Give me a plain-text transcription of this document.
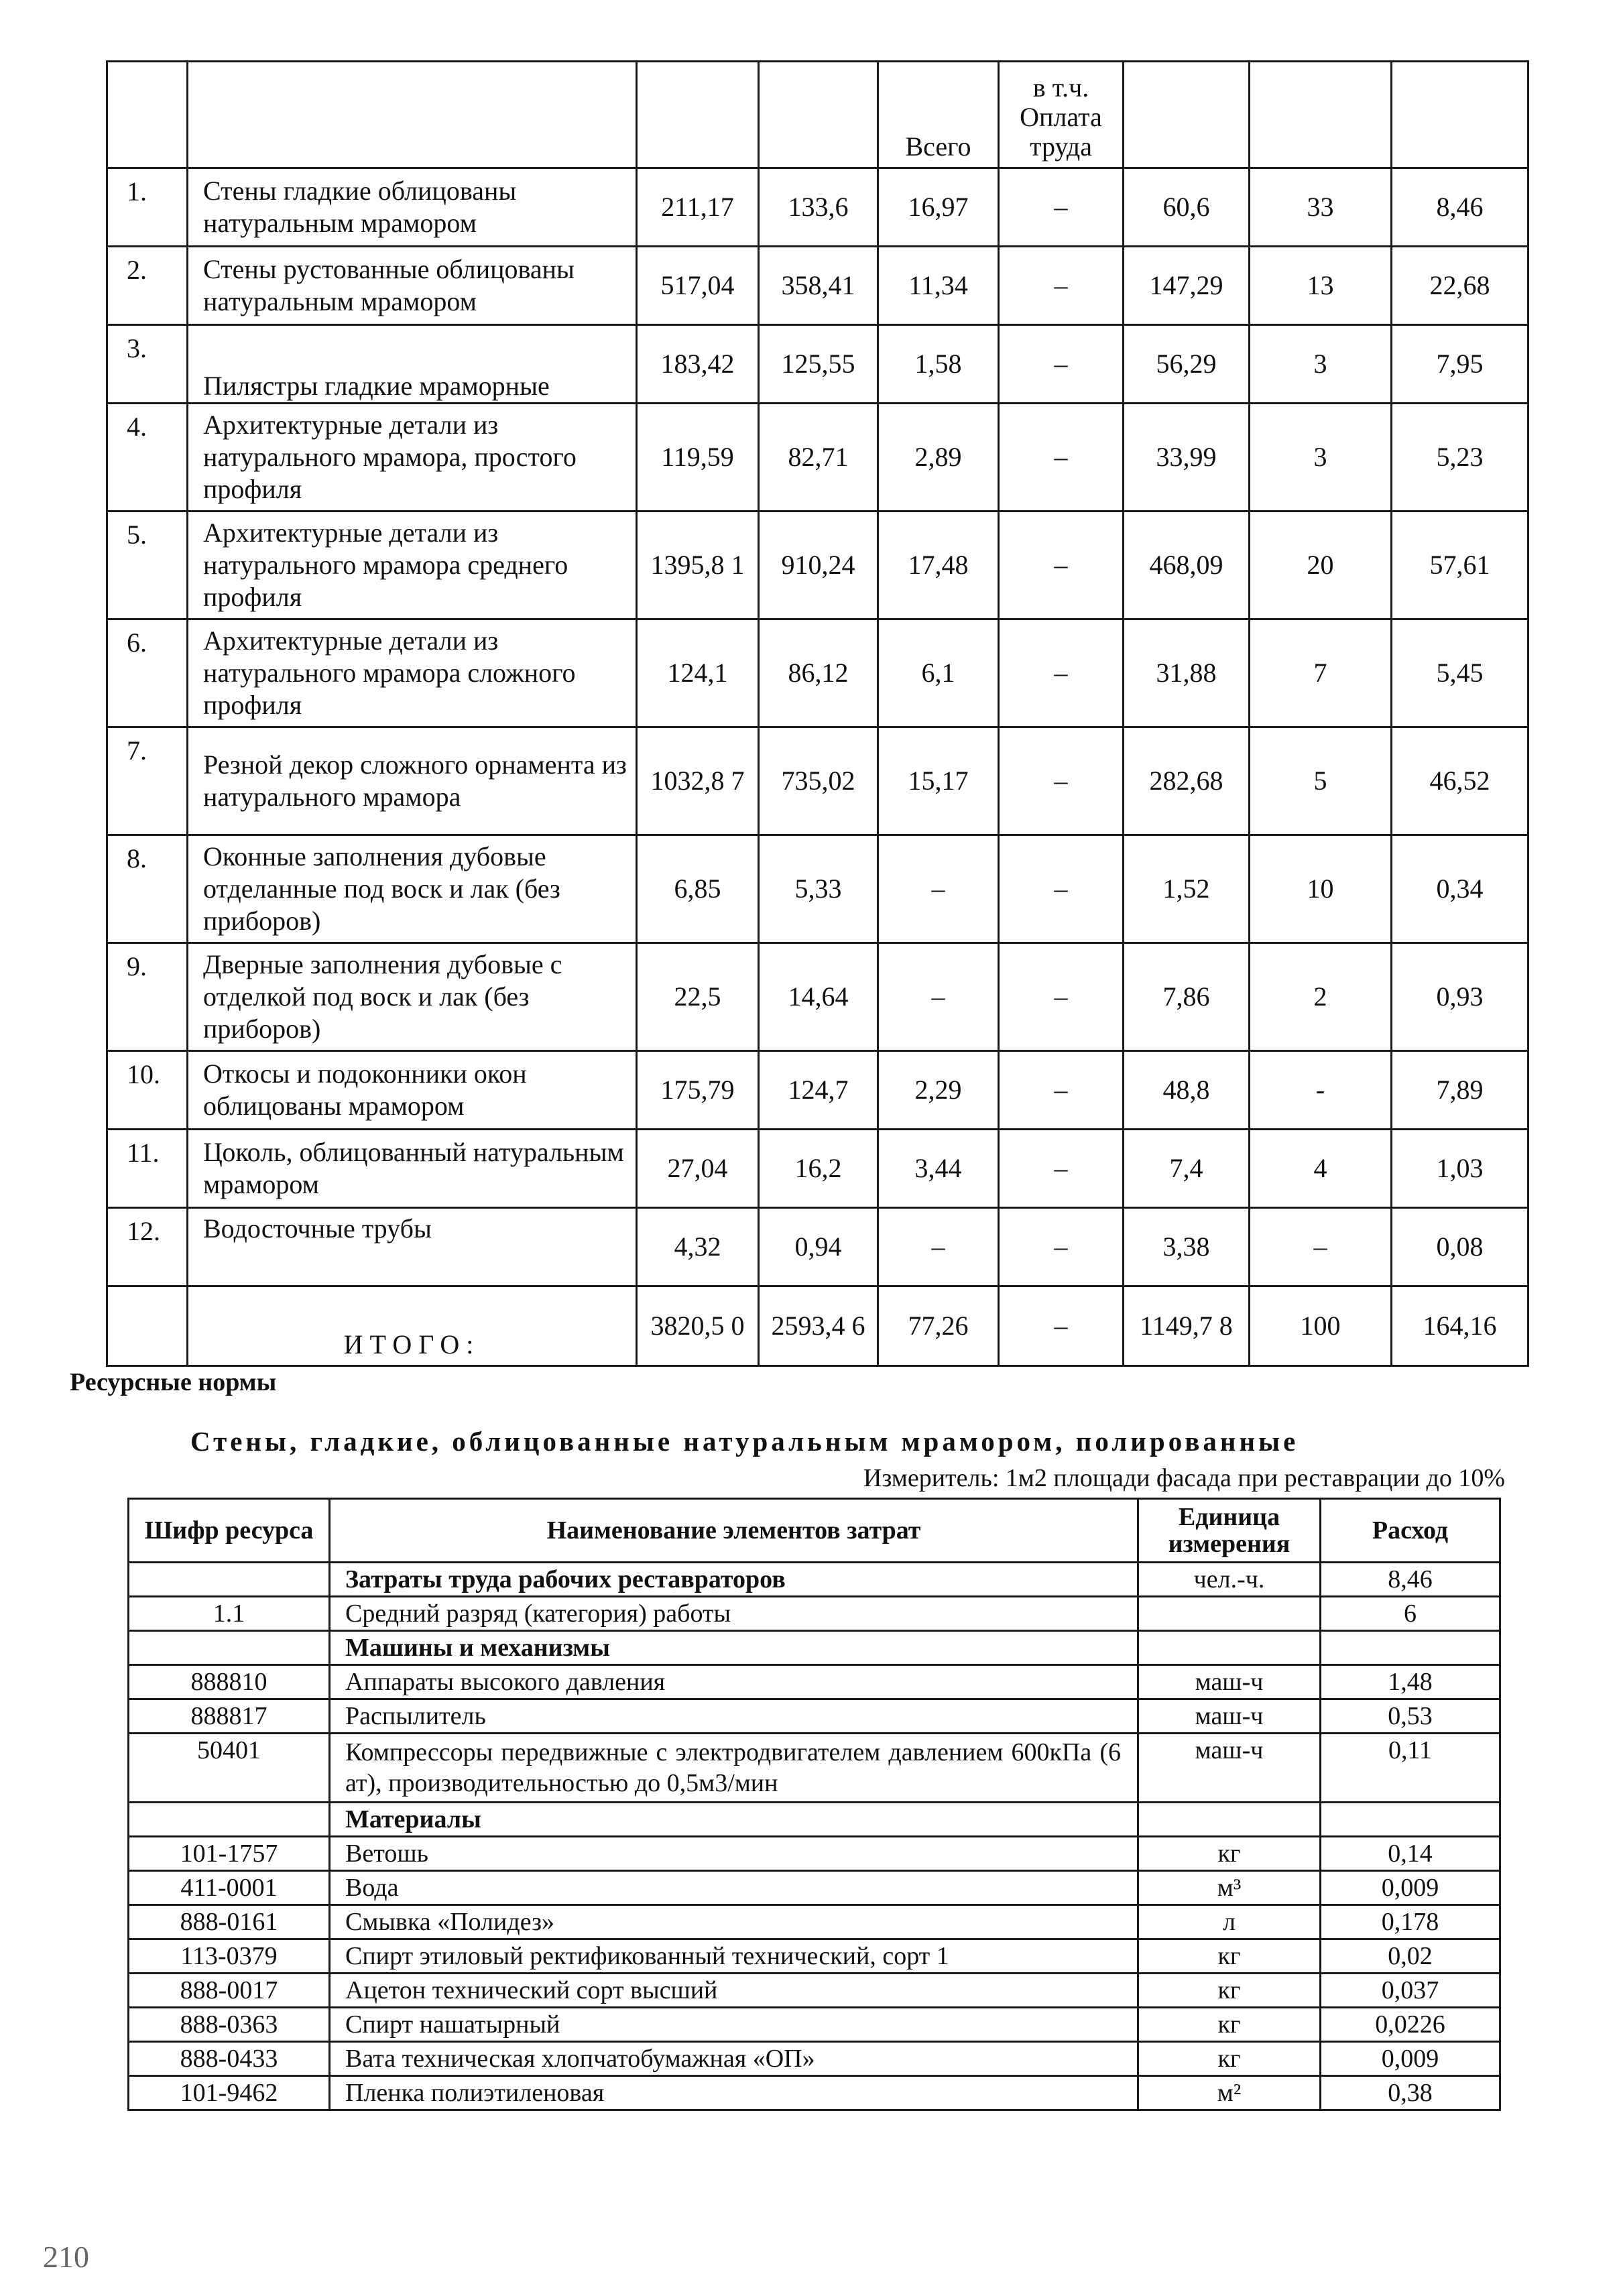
				Всего	в т.ч. Оплата труда			
1.	Стены гладкие облицованы натуральным мрамором	211,17	133,6	16,97	–	60,6	33	8,46
2.	Стены рустованные облицованы натуральным мрамором	517,04	358,41	11,34	–	147,29	13	22,68
3.	Пилястры гладкие мраморные	183,42	125,55	1,58	–	56,29	3	7,95
4.	Архитектурные детали из натурального мрамора, простого профиля	119,59	82,71	2,89	–	33,99	3	5,23
5.	Архитектурные детали из натурального мрамора среднего профиля	1395,8 1	910,24	17,48	–	468,09	20	57,61
6.	Архитектурные детали из натурального мрамора сложного профиля	124,1	86,12	6,1	–	31,88	7	5,45
7.	Резной декор сложного орнамента из натурального мрамора	1032,8 7	735,02	15,17	–	282,68	5	46,52
8.	Оконные заполнения дубовые отделанные под воск и лак (без приборов)	6,85	5,33	–	–	1,52	10	0,34
9.	Дверные заполнения дубовые с отделкой под воск и лак (без приборов)	22,5	14,64	–	–	7,86	2	0,93
10.	Откосы и подоконники окон облицованы мрамором	175,79	124,7	2,29	–	48,8	-	7,89
11.	Цоколь, облицованный натуральным мрамором	27,04	16,2	3,44	–	7,4	4	1,03
12.	Водосточные трубы	4,32	0,94	–	–	3,38	–	0,08
	ИТОГО:	3820,5 0	2593,4 6	77,26	–	1149,7 8	100	164,16
Ресурсные нормы
Стены, гладкие, облицованные натуральным мрамором, полированные
Измеритель: 1м2 площади фасада при реставрации до 10%
Шифр ресурса	Наименование элементов затрат	Единица измерения	Расход
	Затраты труда рабочих реставраторов	чел.-ч.	8,46
1.1	Средний разряд (категория) работы		6
	Машины и механизмы		
888810	Аппараты высокого давления	маш-ч	1,48
888817	Распылитель	маш-ч	0,53
50401	Компрессоры передвижные с электродвигателем давлением 600кПа (6 ат), производительностью до 0,5м3/мин	маш-ч	0,11
	Материалы		
101-1757	Ветошь	кг	0,14
411-0001	Вода	м³	0,009
888-0161	Смывка «Полидез»	л	0,178
113-0379	Спирт этиловый ректификованный технический, сорт 1	кг	0,02
888-0017	Ацетон технический сорт высший	кг	0,037
888-0363	Спирт нашатырный	кг	0,0226
888-0433	Вата техническая хлопчатобумажная «ОП»	кг	0,009
101-9462	Пленка полиэтиленовая	м²	0,38
210
